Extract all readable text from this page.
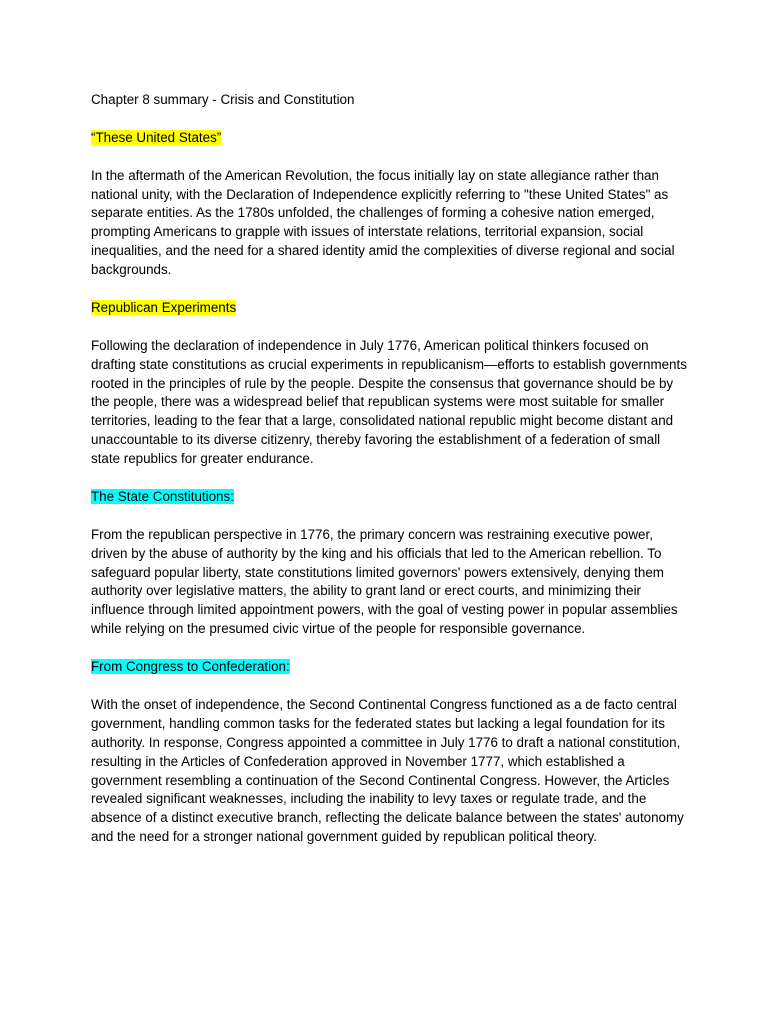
Chapter 8 summary - Crisis and Constitution

“These United States”

In the aftermath of the American Revolution, the focus initially lay on state allegiance rather than national unity, with the Declaration of Independence explicitly referring to "these United States" as separate entities. As the 1780s unfolded, the challenges of forming a cohesive nation emerged, prompting Americans to grapple with issues of interstate relations, territorial expansion, social inequalities, and the need for a shared identity amid the complexities of diverse regional and social backgrounds.

Republican Experiments

Following the declaration of independence in July 1776, American political thinkers focused on drafting state constitutions as crucial experiments in republicanism—efforts to establish governments rooted in the principles of rule by the people. Despite the consensus that governance should be by the people, there was a widespread belief that republican systems were most suitable for smaller territories, leading to the fear that a large, consolidated national republic might become distant and unaccountable to its diverse citizenry, thereby favoring the establishment of a federation of small state republics for greater endurance.

The State Constitutions:

From the republican perspective in 1776, the primary concern was restraining executive power, driven by the abuse of authority by the king and his officials that led to the American rebellion. To safeguard popular liberty, state constitutions limited governors' powers extensively, denying them authority over legislative matters, the ability to grant land or erect courts, and minimizing their influence through limited appointment powers, with the goal of vesting power in popular assemblies while relying on the presumed civic virtue of the people for responsible governance.

From Congress to Confederation:

With the onset of independence, the Second Continental Congress functioned as a de facto central government, handling common tasks for the federated states but lacking a legal foundation for its authority. In response, Congress appointed a committee in July 1776 to draft a national constitution, resulting in the Articles of Confederation approved in November 1777, which established a government resembling a continuation of the Second Continental Congress. However, the Articles revealed significant weaknesses, including the inability to levy taxes or regulate trade, and the absence of a distinct executive branch, reflecting the delicate balance between the states' autonomy and the need for a stronger national government guided by republican political theory.
